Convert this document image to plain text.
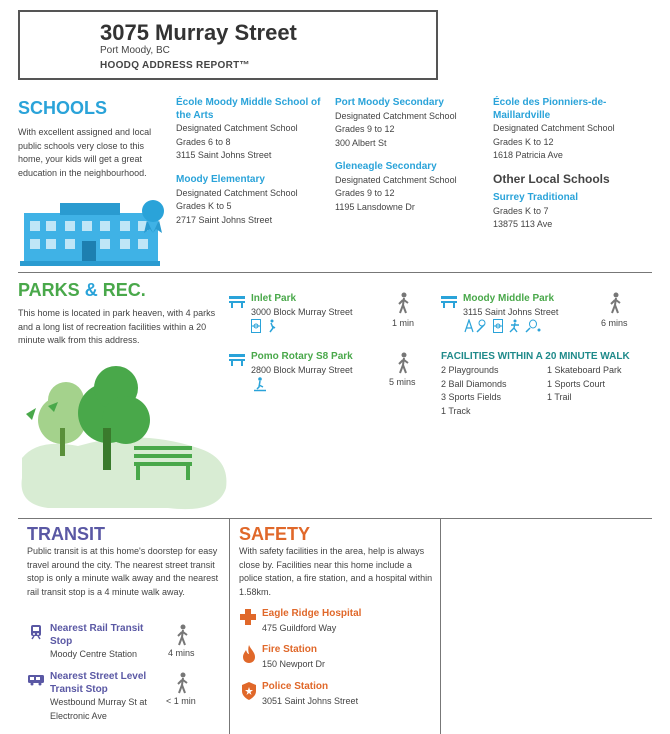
3075 Murray Street
Port Moody, BC
HOODQ ADDRESS REPORT™
SCHOOLS
With excellent assigned and local public schools very close to this home, your kids will get a great education in the neighbourhood.
École Moody Middle School of the Arts
Designated Catchment School
Grades 6 to 8
3115 Saint Johns Street
Moody Elementary
Designated Catchment School
Grades K to 5
2717 Saint Johns Street
Port Moody Secondary
Designated Catchment School
Grades 9 to 12
300 Albert St
Gleneagle Secondary
Designated Catchment School
Grades 9 to 12
1195 Lansdowne Dr
École des Pionniers-de-Maillardville
Designated Catchment School
Grades K to 12
1618 Patricia Ave
Other Local Schools
Surrey Traditional
Grades K to 7
13875 113 Ave
PARKS & REC.
This home is located in park heaven, with 4 parks and a long list of recreation facilities within a 20 minute walk from this address.
Inlet Park
3000 Block Murray Street
1 min
Pomo Rotary S8 Park
2800 Block Murray Street
5 mins
Moody Middle Park
3115 Saint Johns Street
6 mins
FACILITIES WITHIN A 20 MINUTE WALK
2 Playgrounds
2 Ball Diamonds
3 Sports Fields
1 Track
1 Skateboard Park
1 Sports Court
1 Trail
TRANSIT
Public transit is at this home's doorstep for easy travel around the city. The nearest street transit stop is only a minute walk away and the nearest rail transit stop is a 4 minute walk away.
Nearest Rail Transit Stop
Moody Centre Station	4 mins
Nearest Street Level Transit Stop
Westbound Murray St at Electronic Ave
< 1 min
SAFETY
With safety facilities in the area, help is always close by. Facilities near this home include a police station, a fire station, and a hospital within 1.58km.
Eagle Ridge Hospital
475 Guildford Way
Fire Station
150 Newport Dr
Police Station
3051 Saint Johns Street
